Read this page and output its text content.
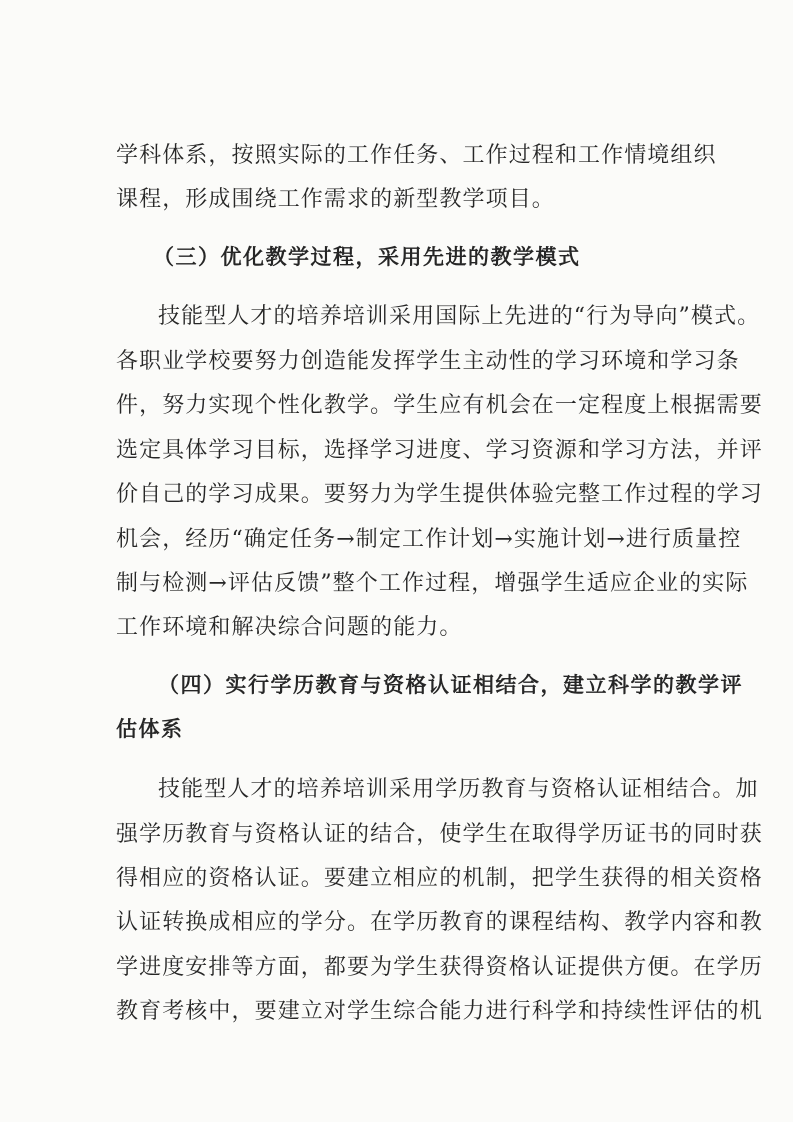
学科体系，按照实际的工作任务、工作过程和工作情境组织
课程，形成围绕工作需求的新型教学项目。
（三）优化教学过程，采用先进的教学模式
技能型人才的培养培训采用国际上先进的“行为导向”模式。
各职业学校要努力创造能发挥学生主动性的学习环境和学习条
件，努力实现个性化教学。学生应有机会在一定程度上根据需要
选定具体学习目标，选择学习进度、学习资源和学习方法，并评
价自己的学习成果。要努力为学生提供体验完整工作过程的学习
机会，经历“确定任务→制定工作计划→实施计划→进行质量控
制与检测→评估反馈”整个工作过程，增强学生适应企业的实际
工作环境和解决综合问题的能力。
（四）实行学历教育与资格认证相结合，建立科学的教学评
估体系
技能型人才的培养培训采用学历教育与资格认证相结合。加
强学历教育与资格认证的结合，使学生在取得学历证书的同时获
得相应的资格认证。要建立相应的机制，把学生获得的相关资格
认证转换成相应的学分。在学历教育的课程结构、教学内容和教
学进度安排等方面，都要为学生获得资格认证提供方便。在学历
教育考核中，要建立对学生综合能力进行科学和持续性评估的机
